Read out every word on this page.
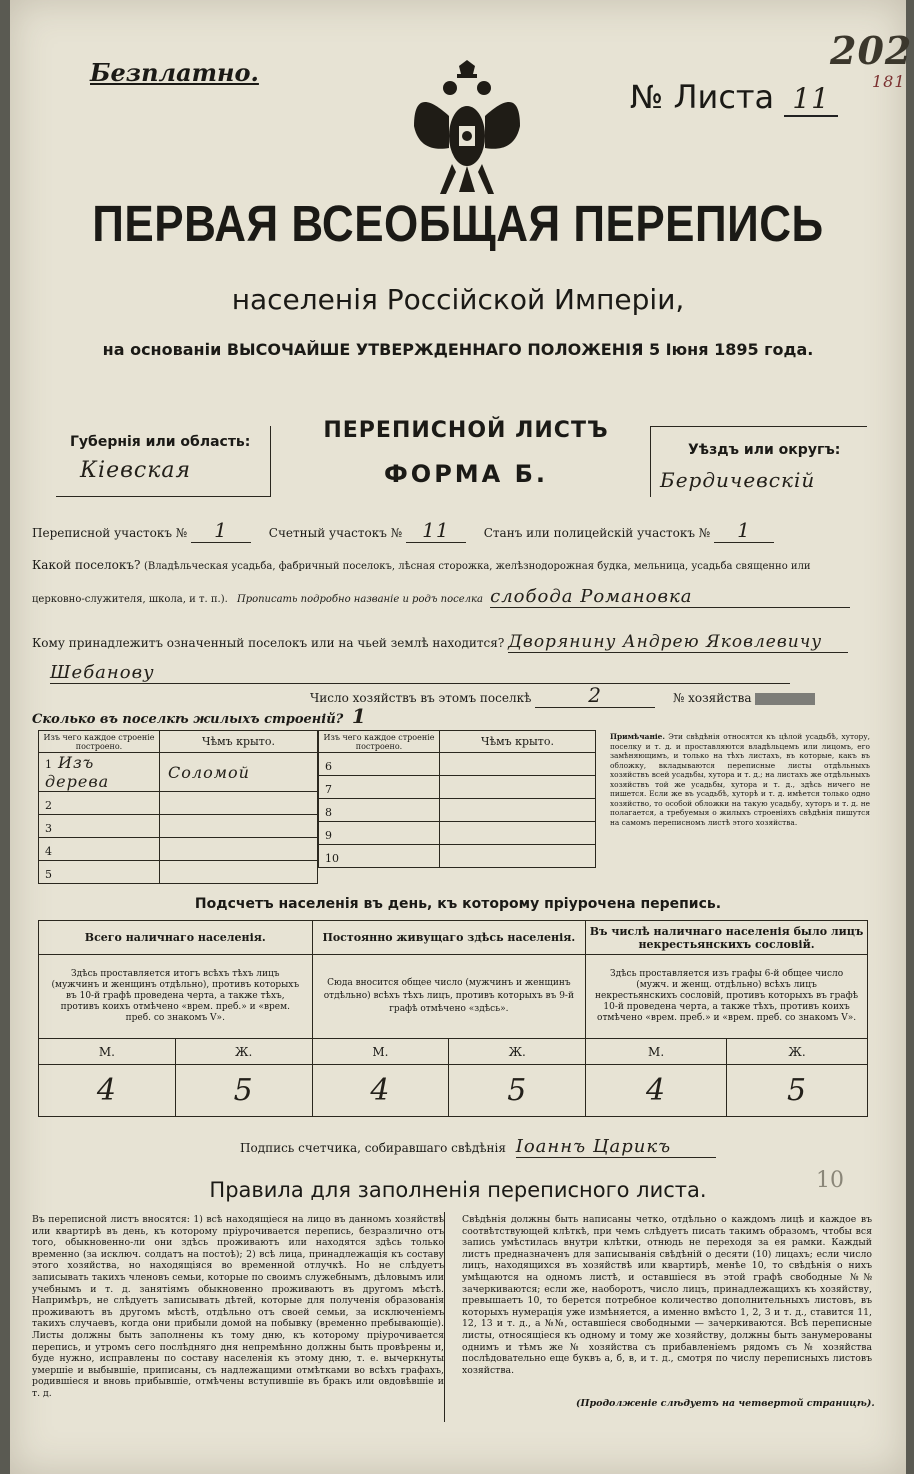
Безплатно.
№ Листа 11
202
181
ПЕРВАЯ ВСЕОБЩАЯ ПЕРЕПИСЬ
населенія Россійской Имперіи,
на основаніи ВЫСОЧАЙШЕ УТВЕРЖДЕННАГО ПОЛОЖЕНІЯ 5 Іюня 1895 года.
Губернія или область:
Кіевская
ПЕРЕПИСНОЙ ЛИСТЪ
ФОРМА Б.
Уѣздъ или округъ:
Бердичевскій
Переписной участокъ № 1	Счетный участокъ № 11	Станъ или полицейскій участокъ № 1
Какой поселокъ? (Владѣльческая усадьба, фабричный поселокъ, лѣсная сторожка, желѣзнодорожная будка, мельница, усадьба священно или
церковно-служителя, школа, и т. п.). Прописать подробно названіе и родъ поселка слобода Романовка
Кому принадлежитъ означенный поселокъ или на чьей землѣ находится? Дворянину Андрею Яковлевичу
Шебанову
Число хозяйствъ въ этомъ поселкѣ	2	№ хозяйства
Сколько въ поселкѣ жилыхъ строеній? 1
Изъ чего каждое строеніе построено.	Чѣмъ крыто.
1 Изъ дерева	Соломой
2	
3	
4	
5	
Изъ чего каждое строеніе построено.	Чѣмъ крыто.
6	
7	
8	
9	
10	
Примѣчаніе. Эти свѣдѣнія относятся къ цѣлой усадьбѣ, хутору, поселку и т. д. и проставляются владѣльцемъ или лицомъ, его замѣняющимъ, и только на тѣхъ листахъ, въ которые, какъ въ обложку, вкладываются переписные листы отдѣльныхъ хозяйствъ всей усадьбы, хутора и т. д.; на листахъ же отдѣльныхъ хозяйствъ той же усадьбы, хутора и т. д., здѣсь ничего не пишется. Если же въ усадьбѣ, хуторѣ и т. д. имѣется только одно хозяйство, то особой обложки на такую усадьбу, хуторъ и т. д. не полагается, а требуемыя о жилыхъ строеніяхъ свѣдѣнія пишутся на самомъ переписномъ листѣ этого хозяйства.
Подсчетъ населенія въ день, къ которому пріурочена перепись.
Всего наличнаго населенія.		Постоянно живущаго здѣсь населенія.		Въ числѣ наличнаго населенія было лицъ некрестьянскихъ сословій.	
Здѣсь проставляется итогъ всѣхъ тѣхъ лицъ (мужчинъ и женщинъ отдѣльно), противъ которыхъ въ 10-й графѣ проведена черта, а также тѣхъ, противъ коихъ отмѣчено «врем. преб.» и «врем. преб. со знакомъ V».		Сюда вносится общее число (мужчинъ и женщинъ отдѣльно) всѣхъ тѣхъ лицъ, противъ которыхъ въ 9-й графѣ отмѣчено «здѣсь».		Здѣсь проставляется изъ графы 6-й общее число (мужч. и женщ. отдѣльно) всѣхъ лицъ некрестьянскихъ сословій, противъ которыхъ въ графѣ 10-й проведена черта, а также тѣхъ, противъ коихъ отмѣчено «врем. преб.» и «врем. преб. со знакомъ V».	
М.	Ж.	М.	Ж.	М.	Ж.
4	5	4	5	4	5
Подпись счетчика, собиравшаго свѣдѣнія Іоаннъ Царикъ
10
Правила для заполненія переписного листа.
Въ переписной листъ вносятся: 1) всѣ находящіеся на лицо въ данномъ хозяйствѣ или квартирѣ въ день, къ которому пріурочивается перепись, безразлично отъ того, обыкновенно-ли они здѣсь проживаютъ или находятся здѣсь только временно (за исключ. солдатъ на постоѣ); 2) всѣ лица, принадлежащія къ составу этого хозяйства, но находящіяся во временной отлучкѣ. Но не слѣдуетъ записывать такихъ членовъ семьи, которые по своимъ служебнымъ, дѣловымъ или учебнымъ и т. д. занятіямъ обыкновенно проживаютъ въ другомъ мѣстѣ. Напримѣръ, не слѣдуетъ записывать дѣтей, которые для полученія образованія проживаютъ въ другомъ мѣстѣ, отдѣльно отъ своей семьи, за исключеніемъ такихъ случаевъ, когда они прибыли домой на побывку (временно пребывающіе). Листы должны быть заполнены къ тому дню, къ которому пріурочивается перепись, и утромъ сего послѣдняго дня непремѣнно должны быть провѣрены и, буде нужно, исправлены по составу населенія къ этому дню, т. е. вычеркнуты умершіе и выбывшіе, приписаны, съ надлежащими отмѣтками во всѣхъ графахъ, родившіеся и вновь прибывшіе, отмѣчены вступившіе въ бракъ или овдовѣвшіе и т. д.
Свѣдѣнія должны быть написаны четко, отдѣльно о каждомъ лицѣ и каждое въ соотвѣтствующей клѣткѣ, при чемъ слѣдуетъ писать такимъ образомъ, чтобы вся запись умѣстилась внутри клѣтки, отнюдь не переходя за ея рамки. Каждый листъ предназначенъ для записыванія свѣдѣній о десяти (10) лицахъ; если число лицъ, находящихся въ хозяйствѣ или квартирѣ, менѣе 10, то свѣдѣнія о нихъ умѣщаются на одномъ листѣ, и оставшіеся въ этой графѣ свободные №№ зачеркиваются; если же, наоборотъ, число лицъ, принадлежащихъ къ хозяйству, превышаетъ 10, то берется потребное количество дополнительныхъ листовъ, въ которыхъ нумерація уже измѣняется, а именно вмѣсто 1, 2, 3 и т. д., ставится 11, 12, 13 и т. д., а №№, оставшіеся свободными — зачеркиваются. Всѣ переписные листы, относящіеся къ одному и тому же хозяйству, должны быть занумерованы однимъ и тѣмъ же № хозяйства съ прибавленіемъ рядомъ съ № хозяйства послѣдовательно еще буквъ а, б, в, и т. д., смотря по числу переписныхъ листовъ хозяйства.
(Продолженіе слѣдуетъ на четвертой страницѣ).
